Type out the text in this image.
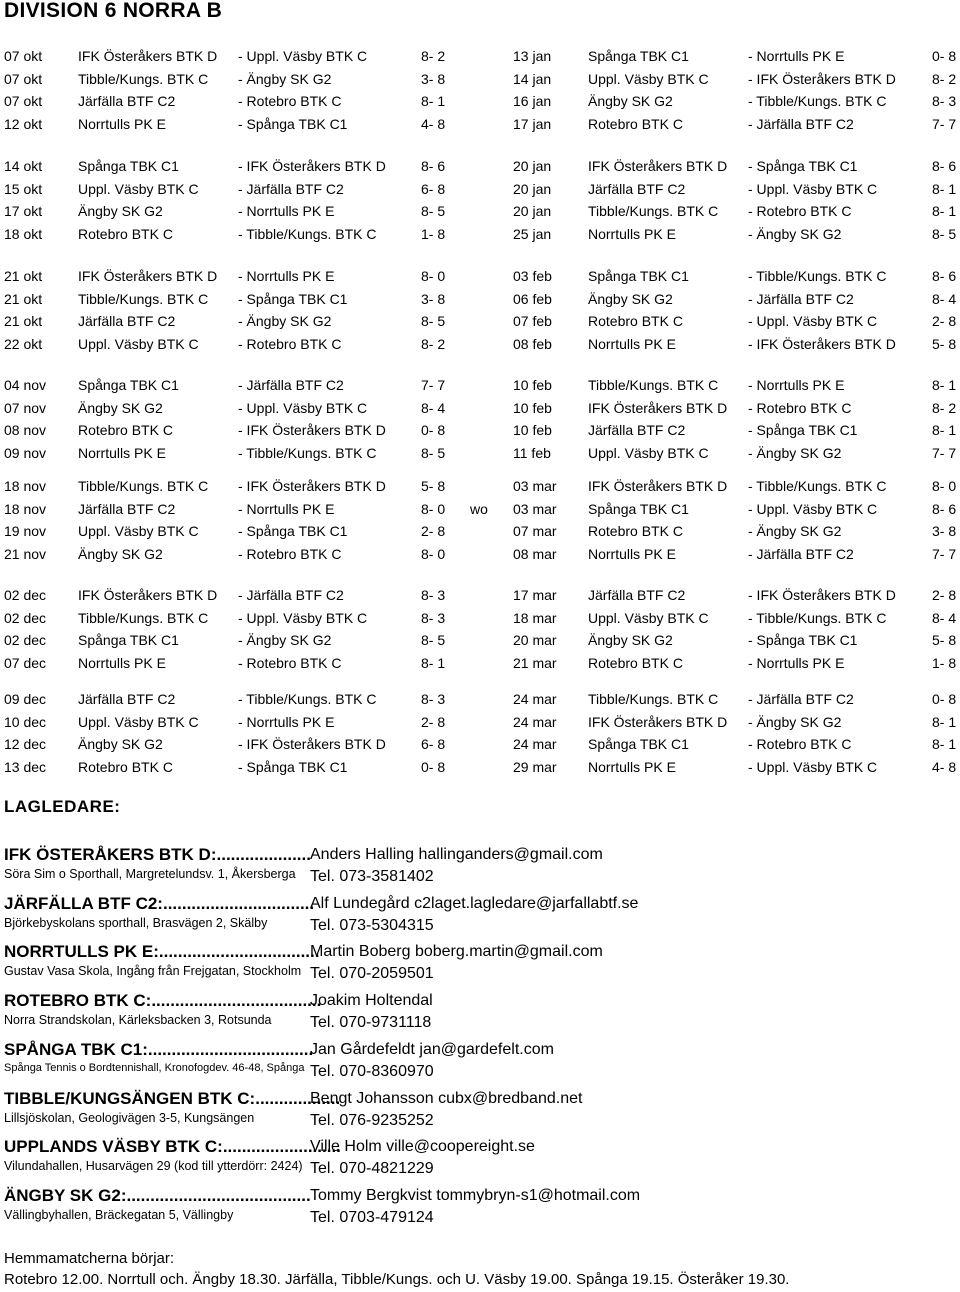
DIVISION 6 NORRA B
07 okt	IFK Österåkers BTK D - Uppl. Väsby BTK C	8- 2	13 jan	Spånga TBK C1	- Norrtulls PK E	0- 8
07 okt	Tibble/Kungs. BTK C - Ängby SK G2	3- 8	14 jan	Uppl. Väsby BTK C	- IFK Österåkers BTK D	8- 2
07 okt	Järfälla BTF C2	- Rotebro BTK C	8- 1	16 jan	Ängby SK G2	- Tibble/Kungs. BTK C	8- 3
12 okt	Norrtulls PK E	- Spånga TBK C1	4- 8	17 jan	Rotebro BTK C	- Järfälla BTF C2	7- 7
14 okt	Spånga TBK C1	- IFK Österåkers BTK D	8- 6	20 jan	IFK Österåkers BTK D - Spånga TBK C1	8- 6
15 okt	Uppl. Väsby BTK C	- Järfälla BTF C2	6- 8	20 jan	Järfälla BTF C2	- Uppl. Väsby BTK C	8- 1
17 okt	Ängby SK G2	- Norrtulls PK E	8- 5	20 jan	Tibble/Kungs. BTK C - Rotebro BTK C	8- 1
18 okt	Rotebro BTK C	- Tibble/Kungs. BTK C	1- 8	25 jan	Norrtulls PK E	- Ängby SK G2	8- 5
21 okt	IFK Österåkers BTK D - Norrtulls PK E	8- 0	03 feb	Spånga TBK C1	- Tibble/Kungs. BTK C	8- 6
21 okt	Tibble/Kungs. BTK C - Spånga TBK C1	3- 8	06 feb	Ängby SK G2	- Järfälla BTF C2	8- 4
21 okt	Järfälla BTF C2	- Ängby SK G2	8- 5	07 feb	Rotebro BTK C	- Uppl. Väsby BTK C	2- 8
22 okt	Uppl. Väsby BTK C	- Rotebro BTK C	8- 2	08 feb	Norrtulls PK E	- IFK Österåkers BTK D	5- 8
04 nov Spånga TBK C1	- Järfälla BTF C2	7- 7	10 feb	Tibble/Kungs. BTK C - Norrtulls PK E	8- 1
07 nov Ängby SK G2	- Uppl. Väsby BTK C	8- 4	10 feb	IFK Österåkers BTK D - Rotebro BTK C	8- 2
08 nov Rotebro BTK C	- IFK Österåkers BTK D	0- 8	10 feb	Järfälla BTF C2	- Spånga TBK C1	8- 1
09 nov Norrtulls PK E	- Tibble/Kungs. BTK C	8- 5	11 feb	Uppl. Väsby BTK C	- Ängby SK G2	7- 7
18 nov Tibble/Kungs. BTK C - IFK Österåkers BTK D	5- 8	03 mar IFK Österåkers BTK D - Tibble/Kungs. BTK C	8- 0
18 nov Järfälla BTF C2	- Norrtulls PK E	8- 0 wo 03 mar Spånga TBK C1	- Uppl. Väsby BTK C	8- 6
19 nov Uppl. Väsby BTK C	- Spånga TBK C1	2- 8	07 mar Rotebro BTK C	- Ängby SK G2	3- 8
21 nov Ängby SK G2	- Rotebro BTK C	8- 0	08 mar Norrtulls PK E	- Järfälla BTF C2	7- 7
02 dec IFK Österåkers BTK D - Järfälla BTF C2	8- 3	17 mar Järfälla BTF C2	- IFK Österåkers BTK D	2- 8
02 dec Tibble/Kungs. BTK C - Uppl. Väsby BTK C	8- 3	18 mar Uppl. Väsby BTK C	- Tibble/Kungs. BTK C	8- 4
02 dec Spånga TBK C1	- Ängby SK G2	8- 5	20 mar Ängby SK G2	- Spånga TBK C1	5- 8
07 dec Norrtulls PK E	- Rotebro BTK C	8- 1	21 mar Rotebro BTK C	- Norrtulls PK E	1- 8
09 dec Järfälla BTF C2	- Tibble/Kungs. BTK C	8- 3	24 mar Tibble/Kungs. BTK C - Järfälla BTF C2	0- 8
10 dec Uppl. Väsby BTK C	- Norrtulls PK E	2- 8	24 mar IFK Österåkers BTK D - Ängby SK G2	8- 1
12 dec Ängby SK G2	- IFK Österåkers BTK D	6- 8	24 mar Spånga TBK C1	- Rotebro BTK C	8- 1
13 dec Rotebro BTK C	- Spånga TBK C1	0- 8	29 mar Norrtulls PK E	- Uppl. Väsby BTK C	4- 8
LAGLEDARE:
IFK ÖSTERÅKERS BTK D:....................
Söra Sim o Sporthall, Margretelundsv. 1, Åkersberga
Anders Halling hallinganders@gmail.com
Tel. 073-3581402
JÄRFÄLLA BTF C2:................................
Björkebyskolans sporthall, Brasvägen 2, Skälby
Alf Lundegård c2laget.lagledare@jarfallabtf.se
Tel. 073-5304315
NORRTULLS PK E:..................................
Gustav Vasa Skola, Ingång från Frejgatan, Stockholm
Martin Boberg boberg.martin@gmail.com
Tel. 070-2059501
ROTEBRO BTK C:....................................
Norra Strandskolan, Kärleksbacken 3, Rotsunda
Joakim Holtendal
Tel. 070-9731118
SPÅNGA TBK C1:...................................
Spånga Tennis o Bordtennishall, Kronofogdev. 46-48, Spånga
Jan Gårdefeldt jan@gardefelt.com
Tel. 070-8360970
TIBBLE/KUNGSÄNGEN BTK C:..................
Lillsjöskolan, Geologivägen 3-5, Kungsängen
Bengt Johansson cubx@bredband.net
Tel. 076-9235252
UPPLANDS VÄSBY BTK C:.........................
Vilundahallen, Husarvägen 29 (kod till ytterdörr: 2424)
Ville Holm ville@coopereight.se
Tel. 070-4821229
ÄNGBY SK G2:.......................................
Vällingbyhallen, Bräckegatan 5, Vällingby
Tommy Bergkvist tommybryn-s1@hotmail.com
Tel. 0703-479124
Hemmamatcherna börjar:
Rotebro 12.00. Norrtull och. Ängby 18.30. Järfälla, Tibble/Kungs. och U. Väsby 19.00. Spånga 19.15. Österåker 19.30.
